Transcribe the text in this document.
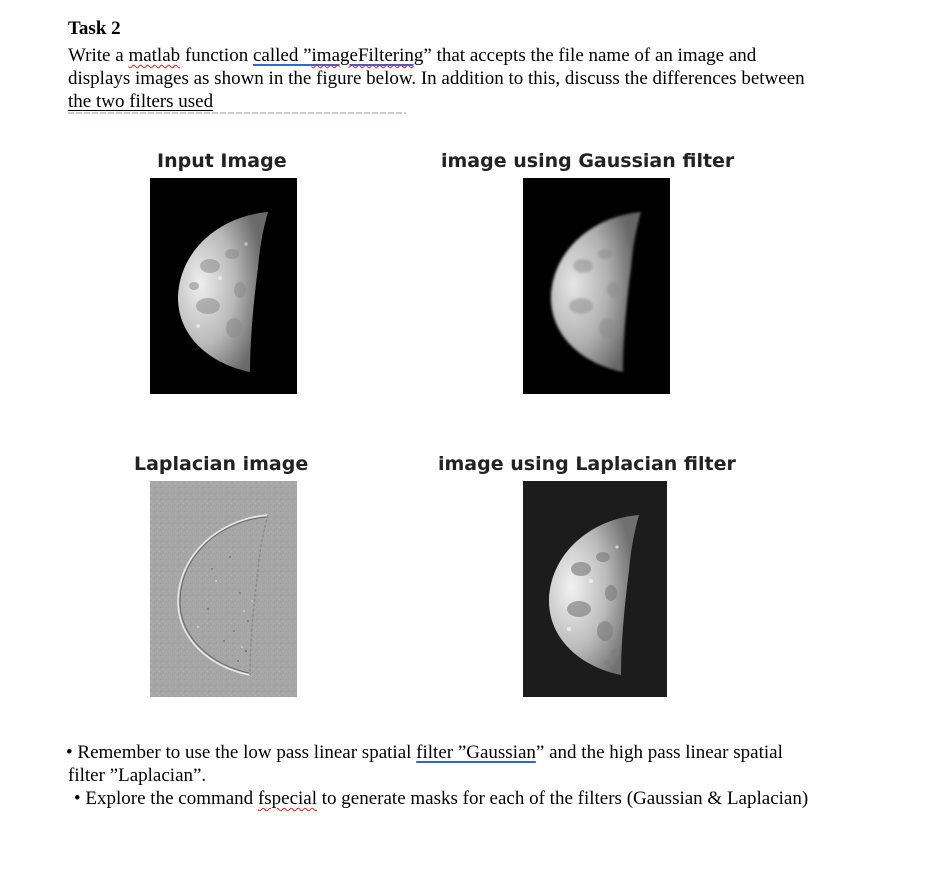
Task 2
Write a matlab function called ”imageFiltering” that accepts the file name of an image and
displays images as shown in the figure below. In addition to this, discuss the differences between
the two filters used
Input Image	image using Gaussian filter
Laplacian image	image using Laplacian filter
• Remember to use the low pass linear spatial filter ”Gaussian” and the high pass linear spatial
filter ”Laplacian”.
• Explore the command fspecial to generate masks for each of the filters (Gaussian & Laplacian)
